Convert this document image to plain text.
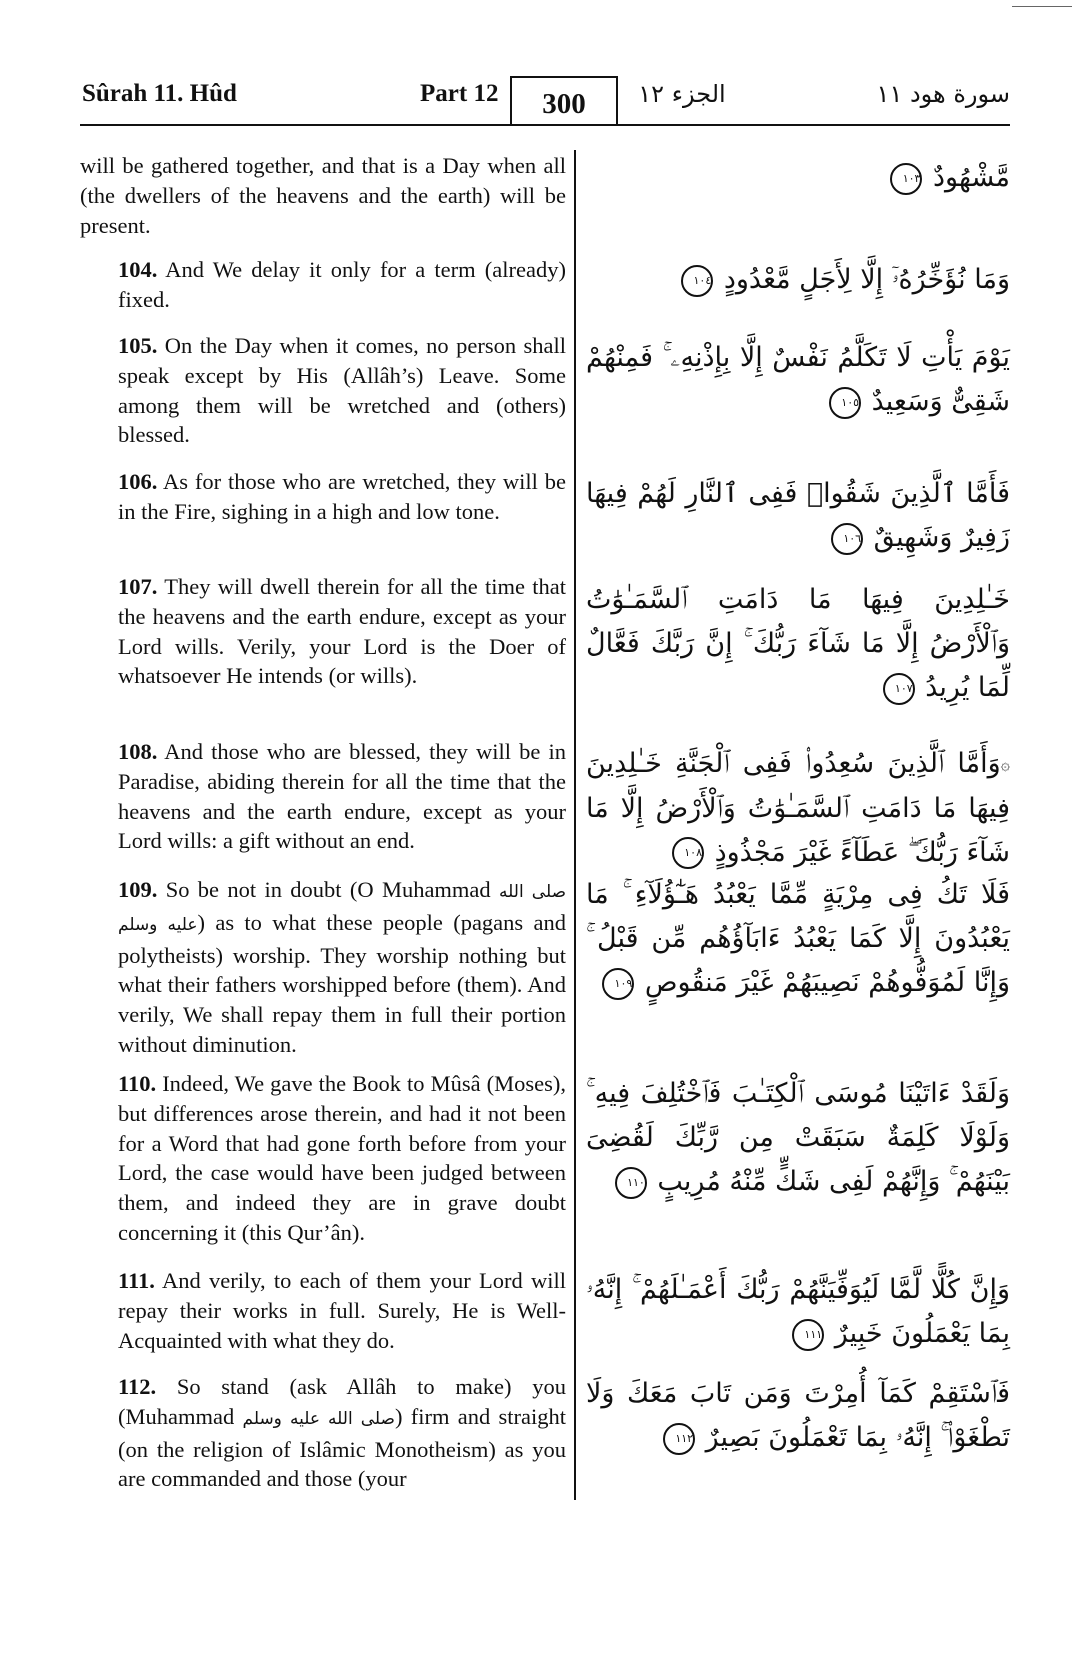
Sûrah 11. Hûd	Part 12	300	الجزء ١٢	سورة هود ١١

will be gathered together, and that is a Day when all (the dwellers of the heavens and the earth) will be present.

104. And We delay it only for a term (already) fixed.

105. On the Day when it comes, no person shall speak except by His (Allâh’s) Leave. Some among them will be wretched and (others) blessed.

106. As for those who are wretched, they will be in the Fire, sighing in a high and low tone.

107. They will dwell therein for all the time that the heavens and the earth endure, except as your Lord wills. Verily, your Lord is the Doer of whatsoever He intends (or wills).

108. And those who are blessed, they will be in Paradise, abiding therein for all the time that the heavens and the earth endure, except as your Lord wills: a gift without an end.

109. So be not in doubt (O Muhammad صلى الله عليه وسلم) as to what these people (pagans and polytheists) worship. They worship nothing but what their fathers worshipped before (them). And verily, We shall repay them in full their portion without diminution.

110. Indeed, We gave the Book to Mûsâ (Moses), but differences arose therein, and had it not been for a Word that had gone forth before from your Lord, the case would have been judged between them, and indeed they are in grave doubt concerning it (this Qur’ân).

111. And verily, to each of them your Lord will repay their works in full. Surely, He is Well-Acquainted with what they do.

112. So stand (ask Allâh to make) you (Muhammad صلى الله عليه وسلم) firm and straight (on the religion of Islâmic Monotheism) as you are commanded and those (your

مَّشْهُودٌ ١٠٣
وَمَا نُؤَخِّرُهُۥٓ إِلَّا لِأَجَلٍ مَّعْدُودٍ ١٠٤
يَوْمَ يَأْتِ لَا تَكَلَّمُ نَفْسٌ إِلَّا بِإِذْنِهِۦ ۚ فَمِنْهُمْ شَقِىٌّ وَسَعِيدٌ ١٠٥
فَأَمَّا ٱلَّذِينَ شَقُوا۟ فَفِى ٱلنَّارِ لَهُمْ فِيهَا زَفِيرٌ وَشَهِيقٌ ١٠٦
خَـٰلِدِينَ فِيهَا مَا دَامَتِ ٱلسَّمَـٰوَٰتُ وَٱلْأَرْضُ إِلَّا مَا شَآءَ رَبُّكَ ۚ إِنَّ رَبَّكَ فَعَّالٌ لِّمَا يُرِيدُ ١٠٧
۞وَأَمَّا ٱلَّذِينَ سُعِدُوا۟ فَفِى ٱلْجَنَّةِ خَـٰلِدِينَ فِيهَا مَا دَامَتِ ٱلسَّمَـٰوَٰتُ وَٱلْأَرْضُ إِلَّا مَا شَآءَ رَبُّكَ ۖ عَطَآءً غَيْرَ مَجْذُوذٍ ١٠٨
فَلَا تَكُ فِى مِرْيَةٍ مِّمَّا يَعْبُدُ هَـٰٓؤُلَآءِ ۚ مَا يَعْبُدُونَ إِلَّا كَمَا يَعْبُدُ ءَابَآؤُهُم مِّن قَبْلُ ۚ وَإِنَّا لَمُوَفُّوهُمْ نَصِيبَهُمْ غَيْرَ مَنقُوصٍ ١٠٩
وَلَقَدْ ءَاتَيْنَا مُوسَى ٱلْكِتَـٰبَ فَٱخْتُلِفَ فِيهِ ۚ وَلَوْلَا كَلِمَةٌ سَبَقَتْ مِن رَّبِّكَ لَقُضِىَ بَيْنَهُمْ ۚ وَإِنَّهُمْ لَفِى شَكٍّ مِّنْهُ مُرِيبٍ ١١٠
وَإِنَّ كُلًّا لَّمَّا لَيُوَفِّيَنَّهُمْ رَبُّكَ أَعْمَـٰلَهُمْ ۚ إِنَّهُۥ بِمَا يَعْمَلُونَ خَبِيرٌ ١١١
فَٱسْتَقِمْ كَمَآ أُمِرْتَ وَمَن تَابَ مَعَكَ وَلَا تَطْغَوْا۟ ۚ إِنَّهُۥ بِمَا تَعْمَلُونَ بَصِيرٌ ١١٢
